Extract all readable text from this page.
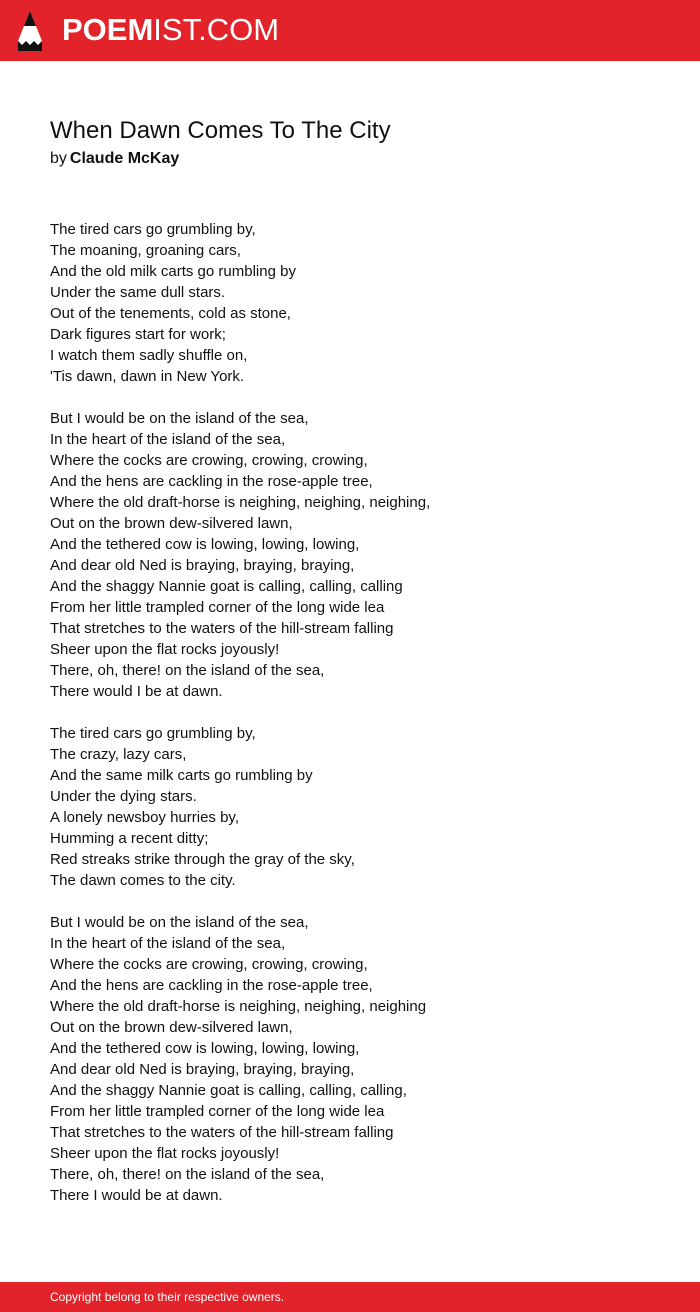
POEMIST.COM
When Dawn Comes To The City
by Claude McKay
The tired cars go grumbling by,
The moaning, groaning cars,
And the old milk carts go rumbling by
Under the same dull stars.
Out of the tenements, cold as stone,
Dark figures start for work;
I watch them sadly shuffle on,
'Tis dawn, dawn in New York.
But I would be on the island of the sea,
In the heart of the island of the sea,
Where the cocks are crowing, crowing, crowing,
And the hens are cackling in the rose-apple tree,
Where the old draft-horse is neighing, neighing, neighing,
Out on the brown dew-silvered lawn,
And the tethered cow is lowing, lowing, lowing,
And dear old Ned is braying, braying, braying,
And the shaggy Nannie goat is calling, calling, calling
From her little trampled corner of the long wide lea
That stretches to the waters of the hill-stream falling
Sheer upon the flat rocks joyously!
There, oh, there! on the island of the sea,
There would I be at dawn.
The tired cars go grumbling by,
The crazy, lazy cars,
And the same milk carts go rumbling by
Under the dying stars.
A lonely newsboy hurries by,
Humming a recent ditty;
Red streaks strike through the gray of the sky,
The dawn comes to the city.
But I would be on the island of the sea,
In the heart of the island of the sea,
Where the cocks are crowing, crowing, crowing,
And the hens are cackling in the rose-apple tree,
Where the old draft-horse is neighing, neighing, neighing
Out on the brown dew-silvered lawn,
And the tethered cow is lowing, lowing, lowing,
And dear old Ned is braying, braying, braying,
And the shaggy Nannie goat is calling, calling, calling,
From her little trampled corner of the long wide lea
That stretches to the waters of the hill-stream falling
Sheer upon the flat rocks joyously!
There, oh, there! on the island of the sea,
There I would be at dawn.
Copyright belong to their respective owners.
